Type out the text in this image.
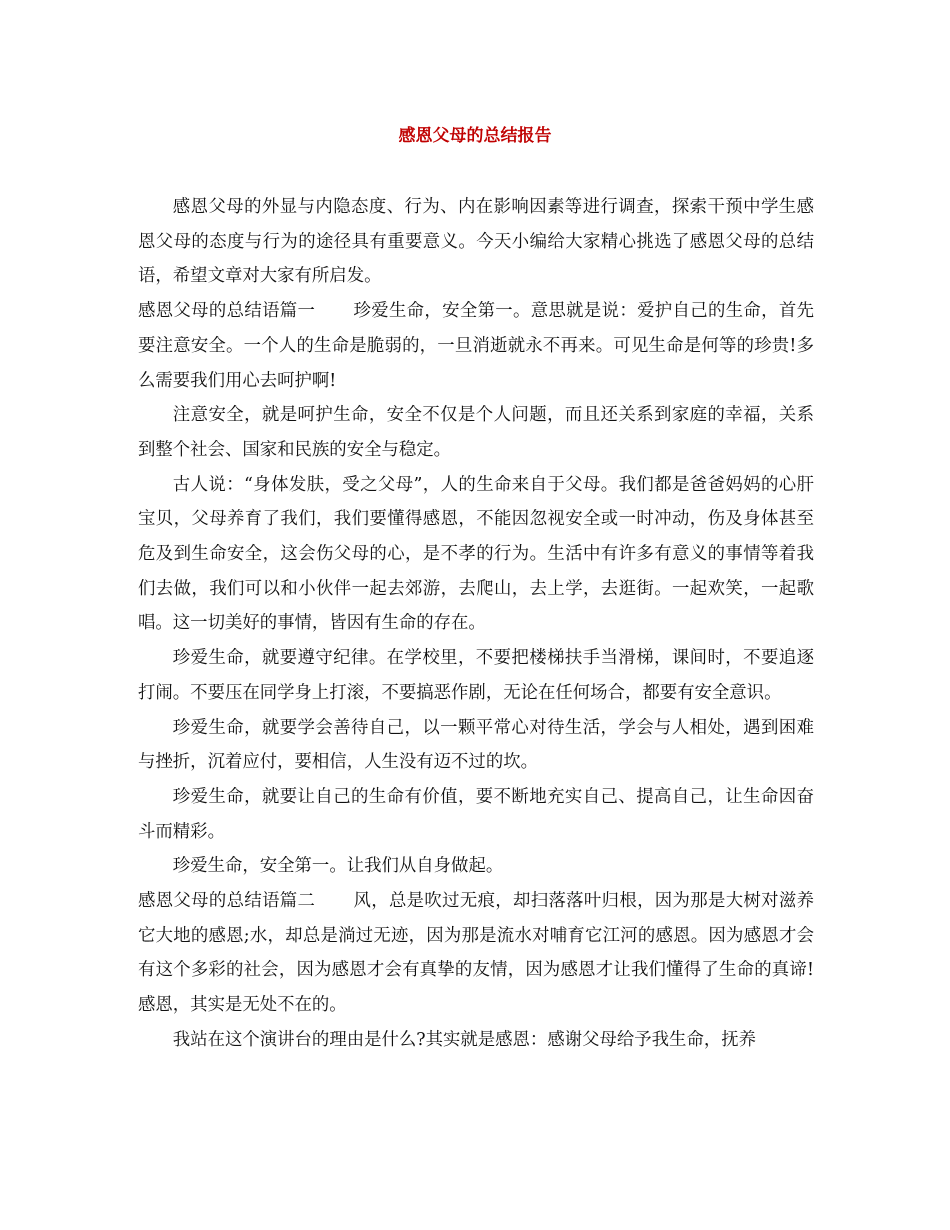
感恩父母的总结报告

感恩父母的外显与内隐态度、行为、内在影响因素等进行调查，探索干预中学生感恩父母的态度与行为的途径具有重要意义。今天小编给大家精心挑选了感恩父母的总结语，希望文章对大家有所启发。

感恩父母的总结语篇一 珍爱生命，安全第一。意思就是说：爱护自己的生命，首先要注意安全。一个人的生命是脆弱的，一旦消逝就永不再来。可见生命是何等的珍贵!多么需要我们用心去呵护啊!

注意安全，就是呵护生命，安全不仅是个人问题，而且还关系到家庭的幸福，关系到整个社会、国家和民族的安全与稳定。

古人说：“身体发肤，受之父母”，人的生命来自于父母。我们都是爸爸妈妈的心肝宝贝，父母养育了我们，我们要懂得感恩，不能因忽视安全或一时冲动，伤及身体甚至危及到生命安全，这会伤父母的心，是不孝的行为。生活中有许多有意义的事情等着我们去做，我们可以和小伙伴一起去郊游，去爬山，去上学，去逛街。一起欢笑，一起歌唱。这一切美好的事情，皆因有生命的存在。

珍爱生命，就要遵守纪律。在学校里，不要把楼梯扶手当滑梯，课间时，不要追逐打闹。不要压在同学身上打滚，不要搞恶作剧，无论在任何场合，都要有安全意识。

珍爱生命，就要学会善待自己，以一颗平常心对待生活，学会与人相处，遇到困难与挫折，沉着应付，要相信，人生没有迈不过的坎。

珍爱生命，就要让自己的生命有价值，要不断地充实自己、提高自己，让生命因奋斗而精彩。

珍爱生命，安全第一。让我们从自身做起。

感恩父母的总结语篇二 风，总是吹过无痕，却扫落落叶归根，因为那是大树对滋养它大地的感恩;水，却总是淌过无迹，因为那是流水对哺育它江河的感恩。因为感恩才会有这个多彩的社会，因为感恩才会有真挚的友情，因为感恩才让我们懂得了生命的真谛!感恩，其实是无处不在的。

我站在这个演讲台的理由是什么?其实就是感恩：感谢父母给予我生命，抚养
